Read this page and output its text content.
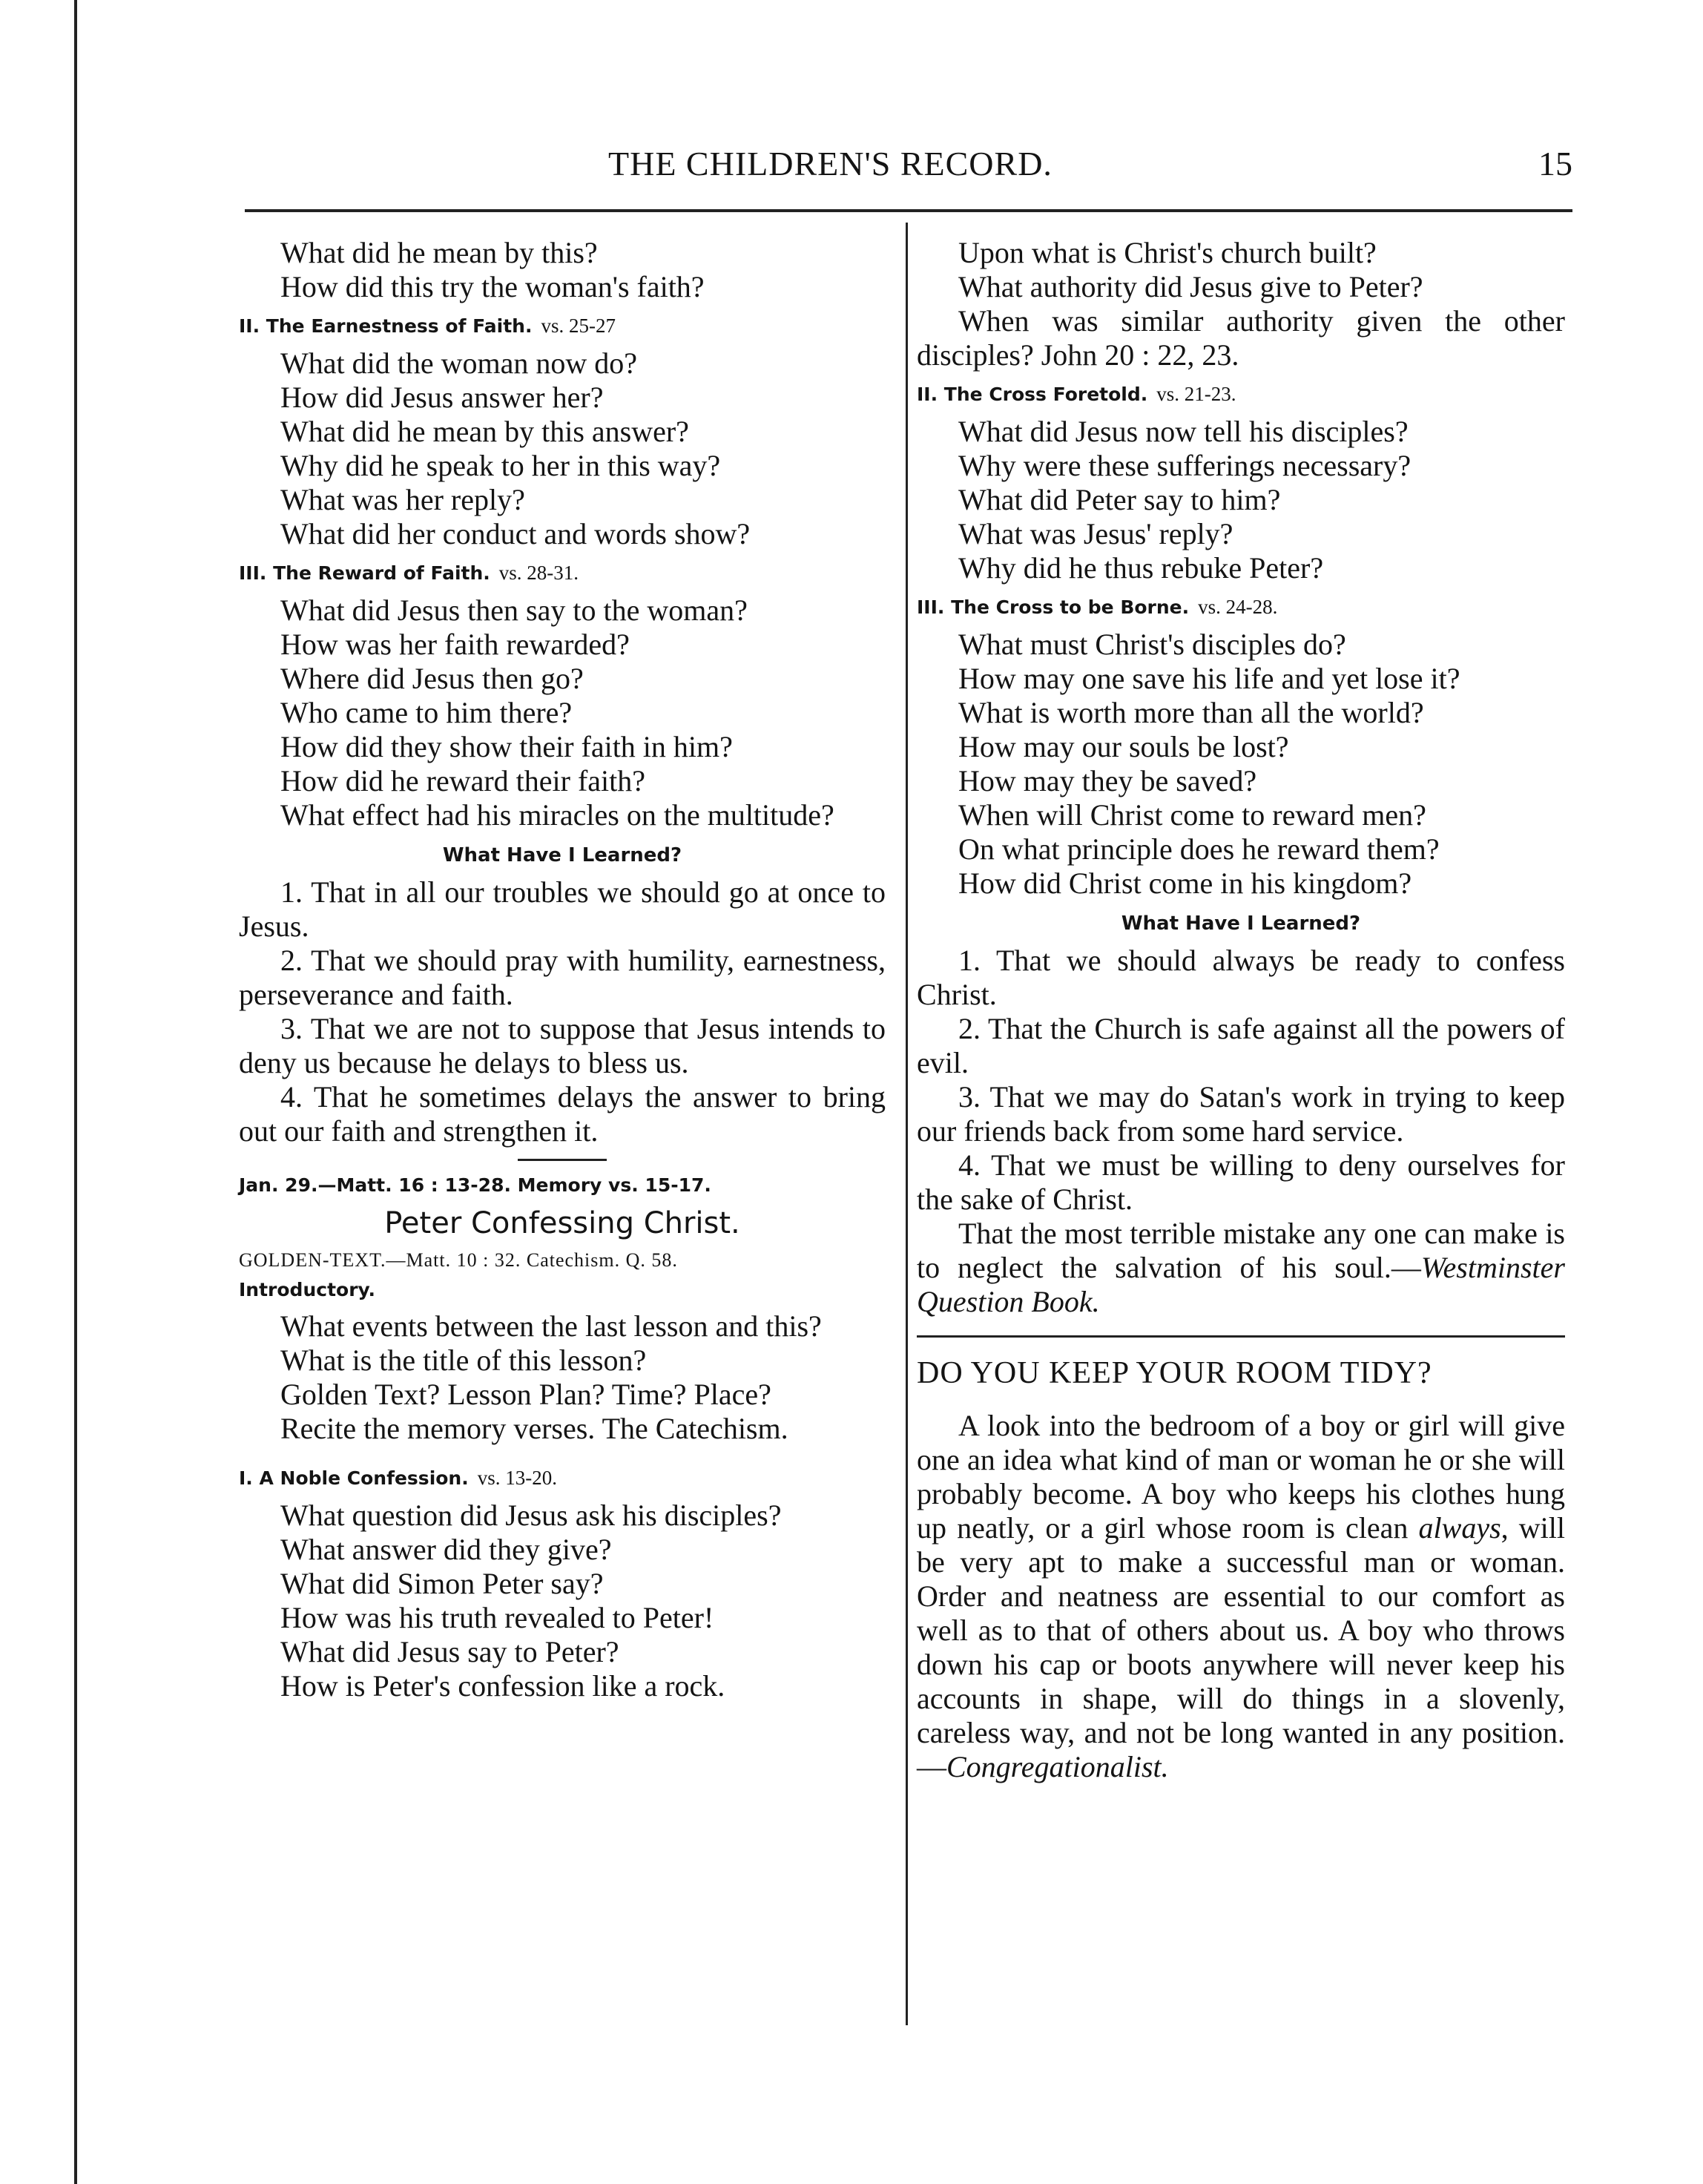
THE CHILDREN'S RECORD.	15

What did he mean by this?

How did this try the woman's faith?

II. The Earnestness of Faith. vs. 25-27

What did the woman now do?

How did Jesus answer her?

What did he mean by this answer?

Why did he speak to her in this way?

What was her reply?

What did her conduct and words show?

III. The Reward of Faith. vs. 28-31.

What did Jesus then say to the woman?

How was her faith rewarded?

Where did Jesus then go?

Who came to him there?

How did they show their faith in him?

How did he reward their faith?

What effect had his miracles on the multitude?

What Have I Learned?

1. That in all our troubles we should go at once to Jesus.

2. That we should pray with humility, earnestness, perseverance and faith.

3. That we are not to suppose that Jesus intends to deny us because he delays to bless us.

4. That he sometimes delays the answer to bring out our faith and strengthen it.

Jan. 29.—Matt. 16 : 13-28. Memory vs. 15-17.

Peter Confessing Christ.

GOLDEN-TEXT.—Matt. 10 : 32. Catechism. Q. 58.

Introductory.

What events between the last lesson and this?

What is the title of this lesson?

Golden Text? Lesson Plan? Time? Place?

Recite the memory verses. The Catechism.

I. A Noble Confession. vs. 13-20.

What question did Jesus ask his disciples?

What answer did they give?

What did Simon Peter say?

How was his truth revealed to Peter!

What did Jesus say to Peter?

How is Peter's confession like a rock.

Upon what is Christ's church built?

What authority did Jesus give to Peter?

When was similar authority given the other disciples? John 20 : 22, 23.

II. The Cross Foretold. vs. 21-23.

What did Jesus now tell his disciples?

Why were these sufferings necessary?

What did Peter say to him?

What was Jesus' reply?

Why did he thus rebuke Peter?

III. The Cross to be Borne. vs. 24-28.

What must Christ's disciples do?

How may one save his life and yet lose it?

What is worth more than all the world?

How may our souls be lost?

How may they be saved?

When will Christ come to reward men?

On what principle does he reward them?

How did Christ come in his kingdom?

What Have I Learned?

1. That we should always be ready to confess Christ.

2. That the Church is safe against all the powers of evil.

3. That we may do Satan's work in trying to keep our friends back from some hard service.

4. That we must be willing to deny ourselves for the sake of Christ.

That the most terrible mistake any one can make is to neglect the salvation of his soul.—Westminster Question Book.

DO YOU KEEP YOUR ROOM TIDY?

A look into the bedroom of a boy or girl will give one an idea what kind of man or woman he or she will probably become. A boy who keeps his clothes hung up neatly, or a girl whose room is clean always, will be very apt to make a successful man or woman. Order and neatness are essential to our comfort as well as to that of others about us. A boy who throws down his cap or boots anywhere will never keep his accounts in shape, will do things in a slovenly, careless way, and not be long wanted in any position.—Congregationalist.
